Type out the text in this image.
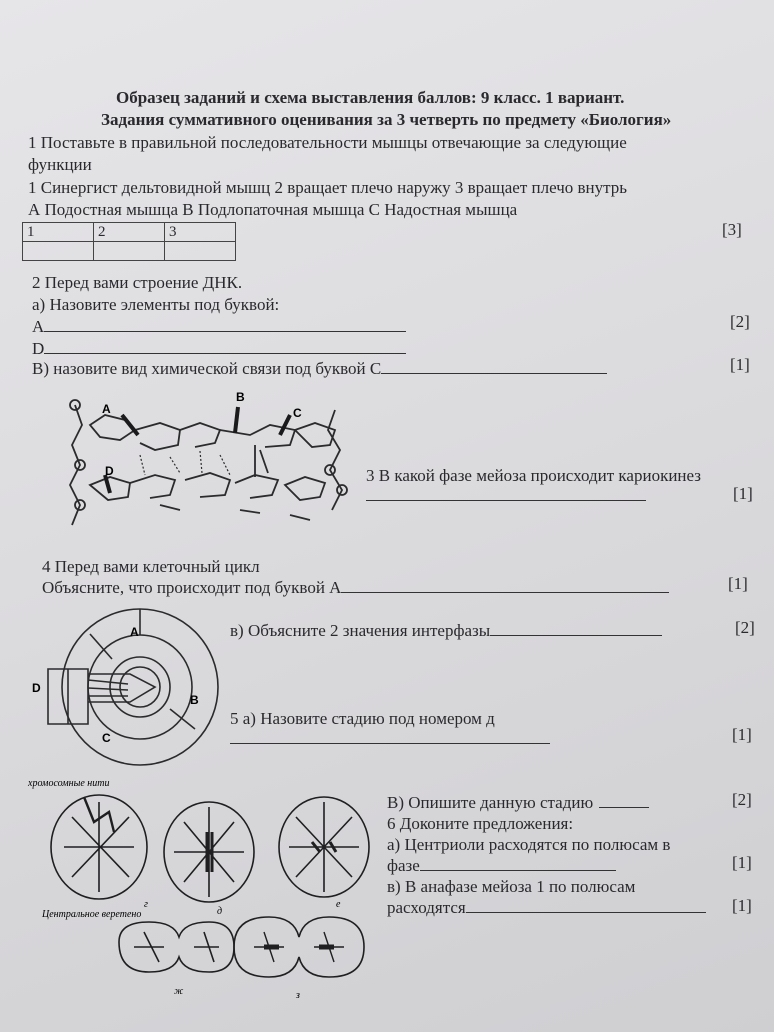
Образец заданий и схема выставления баллов: 9 класс. 1 вариант.
Задания суммативного оценивания за 3 четверть по предмету «Биология»
1 Поставьте в правильной последовательности мышцы отвечающие за следующие
функции
1 Синергист дельтовидной мышц 2 вращает плечо наружу 3 вращает плечо внутрь
А Подостная мышца В Подлопаточная мышца С Надостная мышца
1	2	3
			[3]
2 Перед вами строение ДНК.
а) Назовите элементы под буквой:
А	[2]
D
В) назовите вид химической связи под буквой С	[1]
A
B
C
D	3 В какой фазе мейоза происходит кариокинез
[1]
4 Перед вами клеточный цикл
Объясните, что происходит под буквой А	[1]
в) Объясните 2 значения интерфазы	[2]
A
B
C
D
5 а) Назовите стадию под номером д
[1]
В) Опишите данную стадию	[2]
хромосомные нити
Центральное веретено
г
д
е
ж	з
6 Доконите предложения:
а) Центриоли расходятся по полюсам в
фазе	[1]
в) В анафазе мейоза 1 по полюсам
расходятся	[1]
